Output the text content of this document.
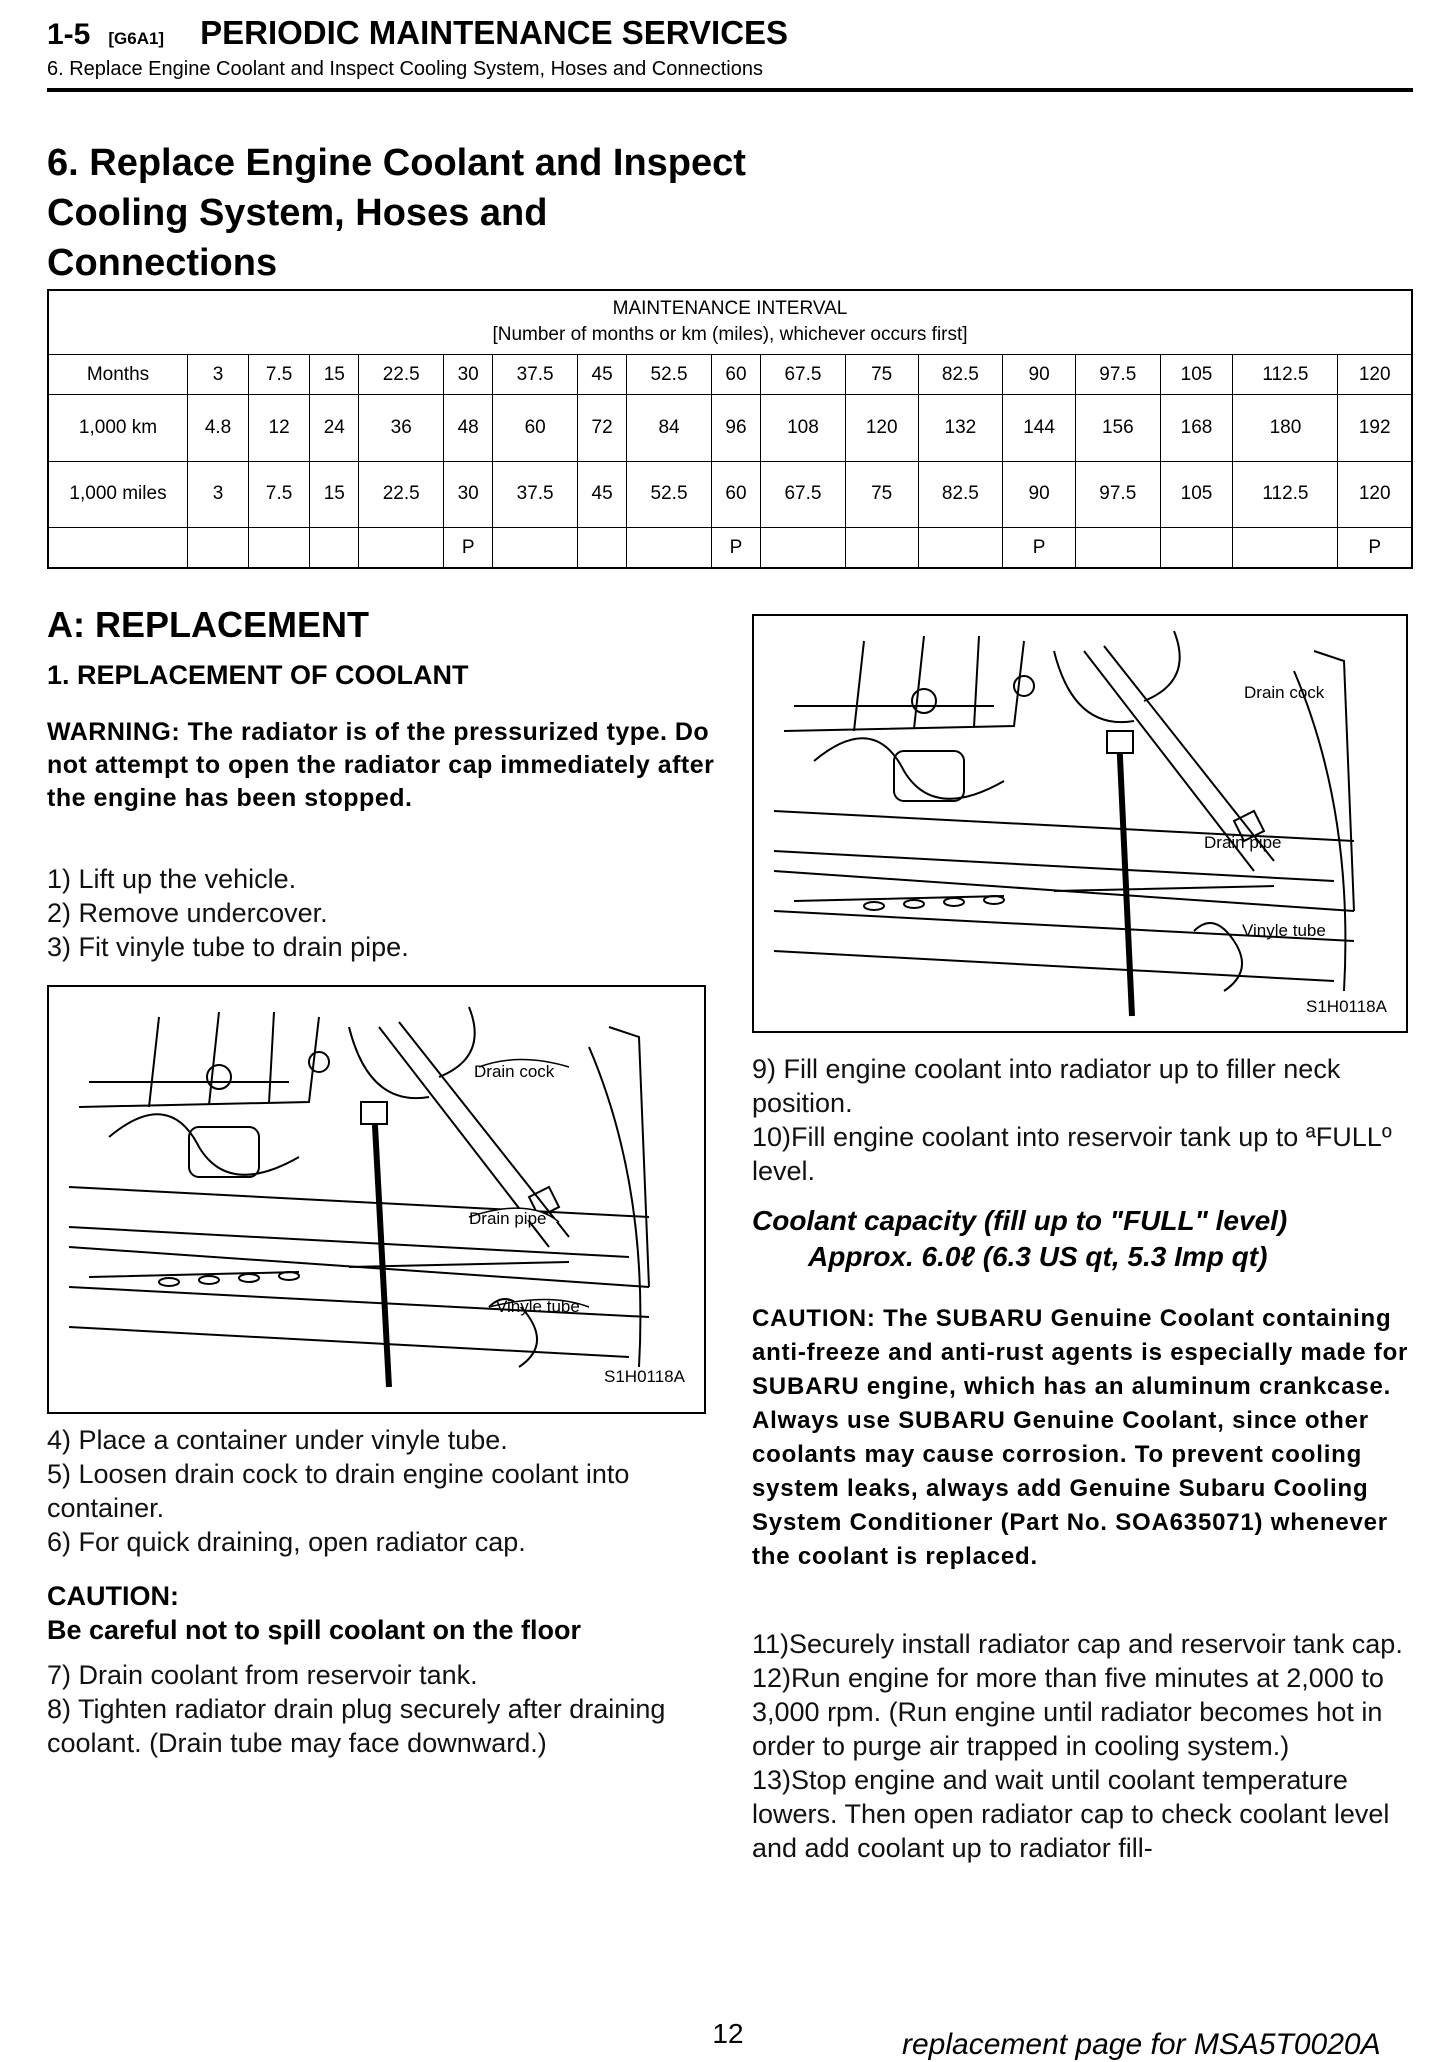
1-5 [G6A1] PERIODIC MAINTENANCE SERVICES
6. Replace Engine Coolant and Inspect Cooling System, Hoses and Connections
6. Replace Engine Coolant and Inspect Cooling System, Hoses and Connections
MAINTENANCE INTERVAL
[Number of months or km (miles), whichever occurs first]																	

Months	3	7.5	15	22.5	30	37.5	45	52.5	60	67.5	75	82.5	90	97.5	105	112.5	120
1,000 km	4.8	12	24	36	48	60	72	84	96	108	120	132	144	156	168	180	192
1,000 miles	3	7.5	15	22.5	30	37.5	45	52.5	60	67.5	75	82.5	90	97.5	105	112.5	120
					P				P				P				P
A: REPLACEMENT
1. REPLACEMENT OF COOLANT
WARNING: The radiator is of the pressurized type. Do not attempt to open the radiator cap immediately after the engine has been stopped.
1) Lift up the vehicle.
2) Remove undercover.
3) Fit vinyle tube to drain pipe.
Drain cock
Drain pipe
Vinyle tube
S1H0118A
4) Place a container under vinyle tube.
5) Loosen drain cock to drain engine coolant into container.
6) For quick draining, open radiator cap.
CAUTION:
Be careful not to spill coolant on the floor
7) Drain coolant from reservoir tank.
8) Tighten radiator drain plug securely after draining coolant. (Drain tube may face downward.)
Drain cock
Drain pipe
Vinyle tube
S1H0118A
9) Fill engine coolant into radiator up to filler neck position.
10)Fill engine coolant into reservoir tank up to ªFULLº level.
Coolant capacity (fill up to "FULL" level)
Approx. 6.0ℓ (6.3 US qt, 5.3 Imp qt)
CAUTION: The SUBARU Genuine Coolant containing anti-freeze and anti-rust agents is especially made for SUBARU engine, which has an aluminum crankcase. Always use SUBARU Genuine Coolant, since other coolants may cause corrosion. To prevent cooling system leaks, always add Genuine Subaru Cooling System Conditioner (Part No. SOA635071) whenever the coolant is replaced.
11)Securely install radiator cap and reservoir tank cap.
12)Run engine for more than five minutes at 2,000 to 3,000 rpm. (Run engine until radiator becomes hot in order to purge air trapped in cooling system.)
13)Stop engine and wait until coolant temperature lowers. Then open radiator cap to check coolant level and add coolant up to radiator fill-
12	replacement page for MSA5T0020A
